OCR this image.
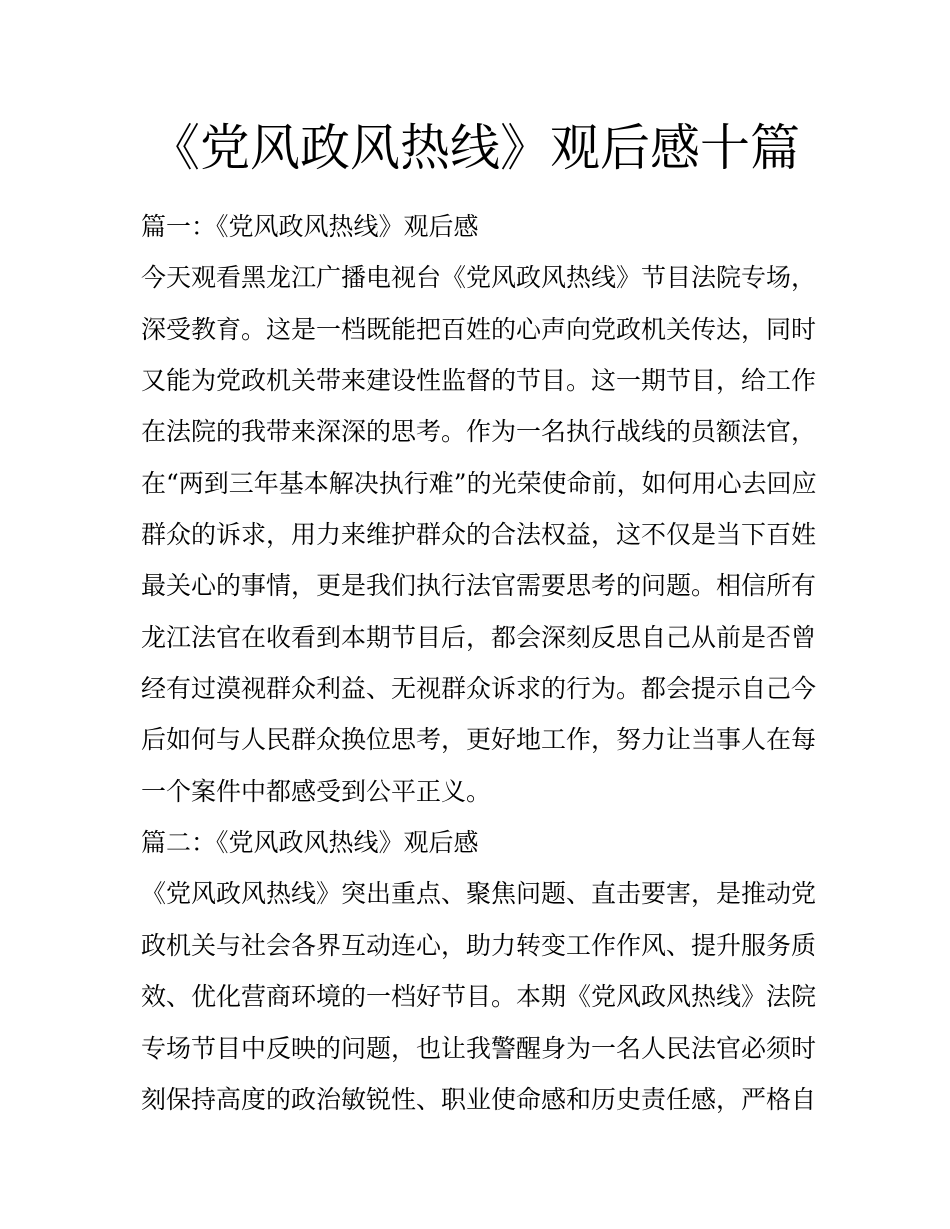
《党风政风热线》观后感十篇
篇一：《党风政风热线》观后感
今天观看黑龙江广播电视台《党风政风热线》节目法院专场，
深受教育。这是一档既能把百姓的心声向党政机关传达，同时
又能为党政机关带来建设性监督的节目。这一期节目，给工作
在法院的我带来深深的思考。作为一名执行战线的员额法官，
在“两到三年基本解决执行难”的光荣使命前，如何用心去回应
群众的诉求，用力来维护群众的合法权益，这不仅是当下百姓
最关心的事情，更是我们执行法官需要思考的问题。相信所有
龙江法官在收看到本期节目后，都会深刻反思自己从前是否曾
经有过漠视群众利益、无视群众诉求的行为。都会提示自己今
后如何与人民群众换位思考，更好地工作，努力让当事人在每
一个案件中都感受到公平正义。
篇二：《党风政风热线》观后感
《党风政风热线》突出重点、聚焦问题、直击要害，是推动党
政机关与社会各界互动连心，助力转变工作作风、提升服务质
效、优化营商环境的一档好节目。本期《党风政风热线》法院
专场节目中反映的问题，也让我警醒身为一名人民法官必须时
刻保持高度的政治敏锐性、职业使命感和历史责任感，严格自
